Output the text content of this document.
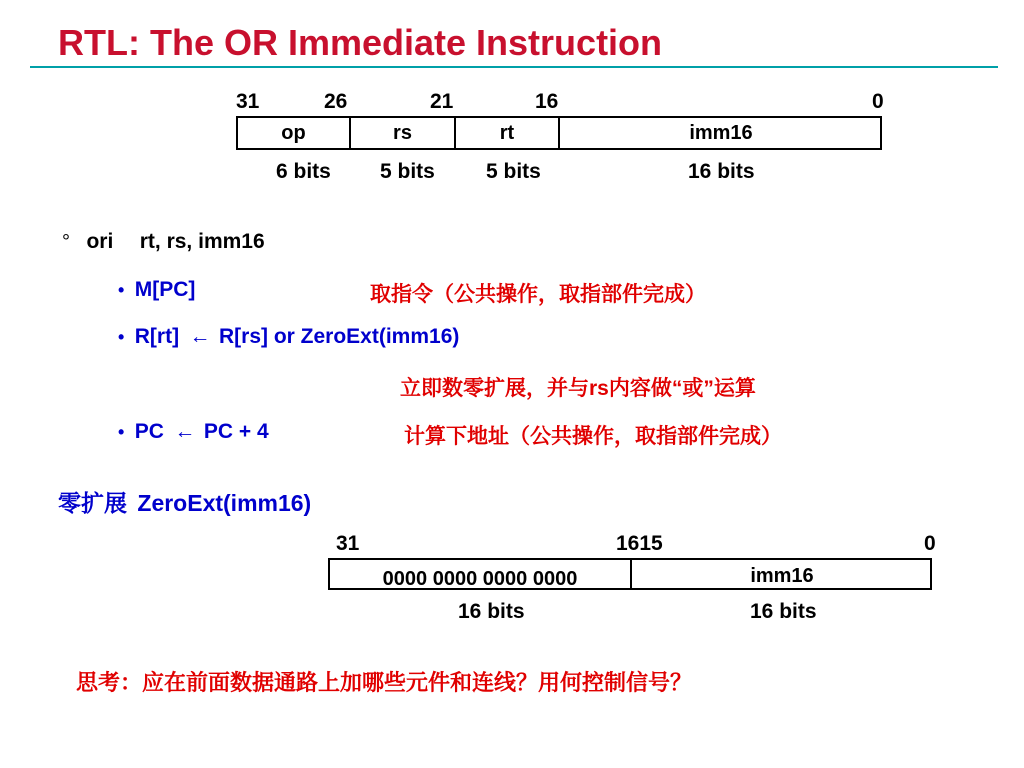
RTL: The OR Immediate Instruction
31	26	21	16	0
op	rs	rt	imm16
6 bits 5 bits 5 bits	16 bits
° ori rt, rs, imm16
• M[PC]	取指令（公共操作，取指部件完成）
• R[rt] ← R[rs] or ZeroExt(imm16)
立即数零扩展，并与rs内容做“或”运算
• PC ← PC + 4	计算下地址（公共操作，取指部件完成）
零扩展 ZeroExt(imm16)
31	1615	0
0000 0000 0000 0000	imm16
16 bits	16 bits
思考：应在前面数据通路上加哪些元件和连线？用何控制信号？
